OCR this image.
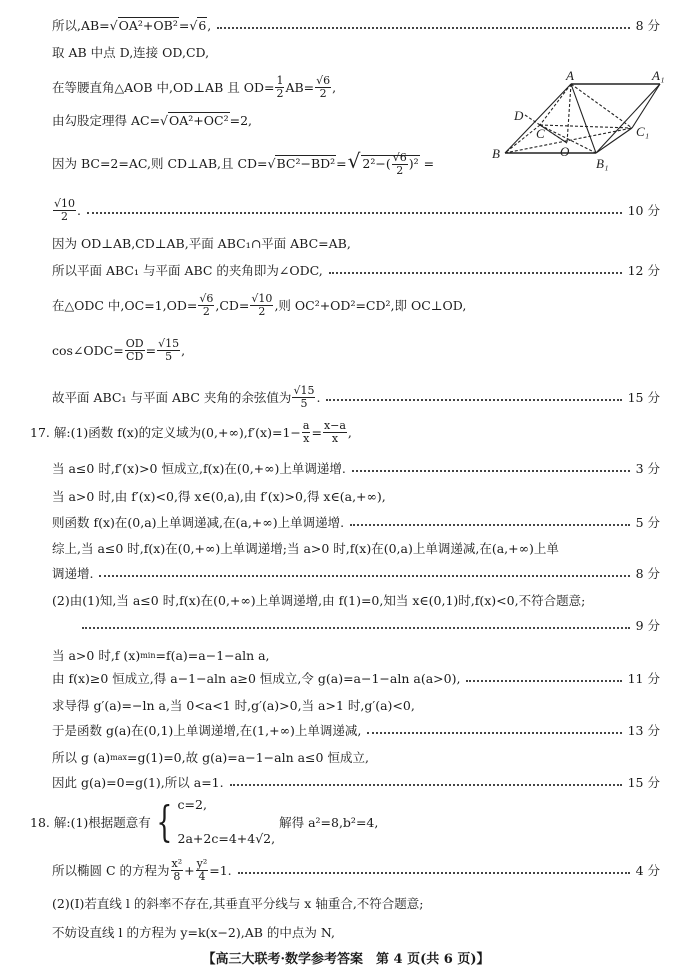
所以,AB= √OA²+OB² = √6 ,	8 分
取 AB 中点 D,连接 OD,CD,
在等腰直角△AOB 中,OD⊥AB 且 $OD= \frac{1}{2} AB= \frac{√6}{2}$ ,
由勾股定理得 AC= √OA²+OC² =2,
因为 BC=2=AC,则 CD⊥AB,且 CD= √BC²−BD² = √ $2^2-( \frac{√6}{2} )^2$ =
$\frac{√10}{2}$ .	10 分
因为 OD⊥AB,CD⊥AB,平面 ABC₁∩平面 ABC=AB,
所以平面 ABC₁ 与平面 ABC 的夹角即为∠ODC,	12 分
在△ODC 中$,OC=1,OD= \frac{√6}{2} ,CD= \frac{√10}{2}$ ,则 OC²+OD²=CD²,即 OC⊥OD,
cos∠ODC= $\frac{OD}{CD} = \frac{√15}{5}$ ,
故平面 ABC₁ 与平面 ABC 夹角的余弦值为 $\frac{√15}{5}$ .	15 分
17. 解:(1)函数 f(x)的定义域为$(0,+\infty),f'(x)=1- \frac{a}{x} = \frac{x-a}{x}$ ,
当 a≤0 时,f′(x)>0 恒成立,f(x)在(0,+∞)上单调递增.	3 分
当 a>0 时,由 f′(x)<0,得 x∈(0,a),由 f′(x)>0,得 x∈(a,+∞),
则函数 f(x)在(0,a)上单调递减,在(a,+∞)上单调递增.	5 分
综上,当 a≤0 时,f(x)在(0,+∞)上单调递增;当 a>0 时,f(x)在(0,a)上单调递减,在(a,+∞)上单
调递增.	8 分
(2)由(1)知,当 a≤0 时,f(x)在(0,+∞)上单调递增,由 f(1)=0,知当 x∈(0,1)时,f(x)<0,不符合题意;
9 分
当 a>0 时,f (x) min =f(a)=a−1−aln a,
由 f(x)≥0 恒成立,得 a−1−aln a≥0 恒成立,令 g(a)=a−1−aln a(a>0),	11 分
求导得 g′(a)=−ln a,当 0<a<1 时,g′(a)>0,当 a>1 时,g′(a)<0,
于是函数 g(a)在(0,1)上单调递增,在(1,+∞)上单调递减,	13 分
所以 g (a) max =g(1)=0,故 g(a)=a−1−aln a≤0 恒成立,
因此 g(a)=0=g(1),所以 a=1.	15 分
18. 解:(1)根据题意有 { c=2,
2a+2c=4+4√2,
解得 a²=8,b²=4,
所以椭圆 C 的方程为 $\frac{\text{x²}}{8} + \frac{\text{y²}}{4} =1$.	4 分
(2)(Ⅰ)若直线 l 的斜率不存在,其垂直平分线与 x 轴重合,不符合题意;
不妨设直线 l 的方程为 y=k(x−2),AB 的中点为 N,
【高三大联考·数学参考答案　第 4 页(共 6 页)】
A	A₁
D
C	C₁
O
B
B₁
